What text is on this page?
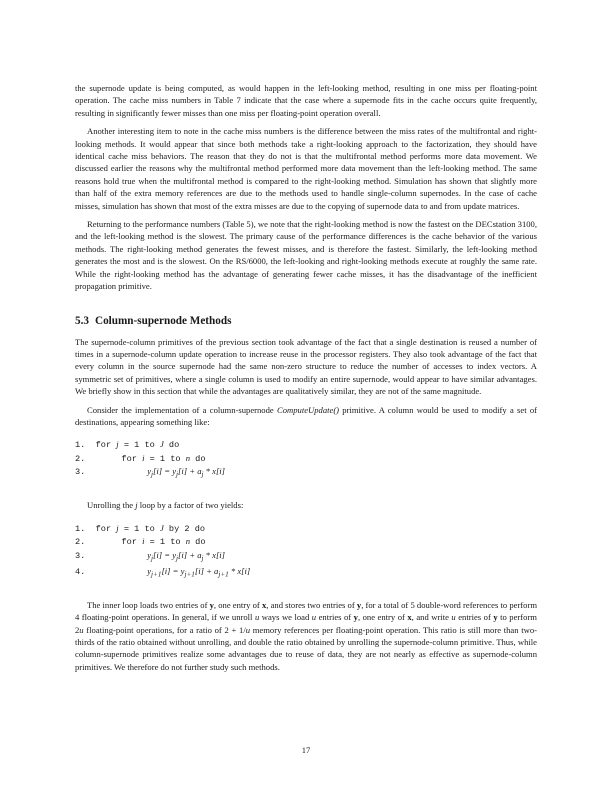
the supernode update is being computed, as would happen in the left-looking method, resulting in one miss per floating-point operation. The cache miss numbers in Table 7 indicate that the case where a supernode fits in the cache occurs quite frequently, resulting in significantly fewer misses than one miss per floating-point operation overall.

Another interesting item to note in the cache miss numbers is the difference between the miss rates of the multifrontal and right-looking methods. It would appear that since both methods take a right-looking approach to the factorization, they should have identical cache miss behaviors. The reason that they do not is that the multifrontal method performs more data movement. We discussed earlier the reasons why the multifrontal method performed more data movement than the left-looking method. The same reasons hold true when the multifrontal method is compared to the right-looking method. Simulation has shown that slightly more than half of the extra memory references are due to the methods used to handle single-column supernodes. In the case of cache misses, simulation has shown that most of the extra misses are due to the copying of supernode data to and from update matrices.

Returning to the performance numbers (Table 5), we note that the right-looking method is now the fastest on the DECstation 3100, and the left-looking method is the slowest. The primary cause of the performance differences is the cache behavior of the various methods. The right-looking method generates the fewest misses, and is therefore the fastest. Similarly, the left-looking method generates the most and is the slowest. On the RS/6000, the left-looking and right-looking methods execute at roughly the same rate. While the right-looking method has the advantage of generating fewer cache misses, it has the disadvantage of the inefficient propagation primitive.

5.3 Column-supernode Methods

The supernode-column primitives of the previous section took advantage of the fact that a single destination is reused a number of times in a supernode-column update operation to increase reuse in the processor registers. They also took advantage of the fact that every column in the source supernode had the same non-zero structure to reduce the number of accesses to index vectors. A symmetric set of primitives, where a single column is used to modify an entire supernode, would appear to have similar advantages. We briefly show in this section that while the advantages are qualitatively similar, they are not of the same magnitude.

Consider the implementation of a column-supernode ComputeUpdate() primitive. A column would be used to modify a set of destinations, appearing something like:

1.  for j = 1 to J do
2.       for i = 1 to n do
3.	$y_j[i] = y_j[i] + a_j * x[i]$

Unrolling the j loop by a factor of two yields:

1.  for j = 1 to J by 2 do
2.       for i = 1 to n do
3.	$y_j[i] = y_j[i] + a_j * x[i]$
4.	$y_{j+1}[i] = y_{j+1}[i] + a_{j+1} * x[i]$

The inner loop loads two entries of y, one entry of x, and stores two entries of y, for a total of 5 double-word references to perform 4 floating-point operations. In general, if we unroll u ways we load u entries of y, one entry of x, and write u entries of y to perform 2u floating-point operations, for a ratio of 2 + 1/u memory references per floating-point operation. This ratio is still more than two-thirds of the ratio obtained without unrolling, and double the ratio obtained by unrolling the supernode-column primitive. Thus, while column-supernode primitives realize some advantages due to reuse of data, they are not nearly as effective as supernode-column primitives. We therefore do not further study such methods.

17
